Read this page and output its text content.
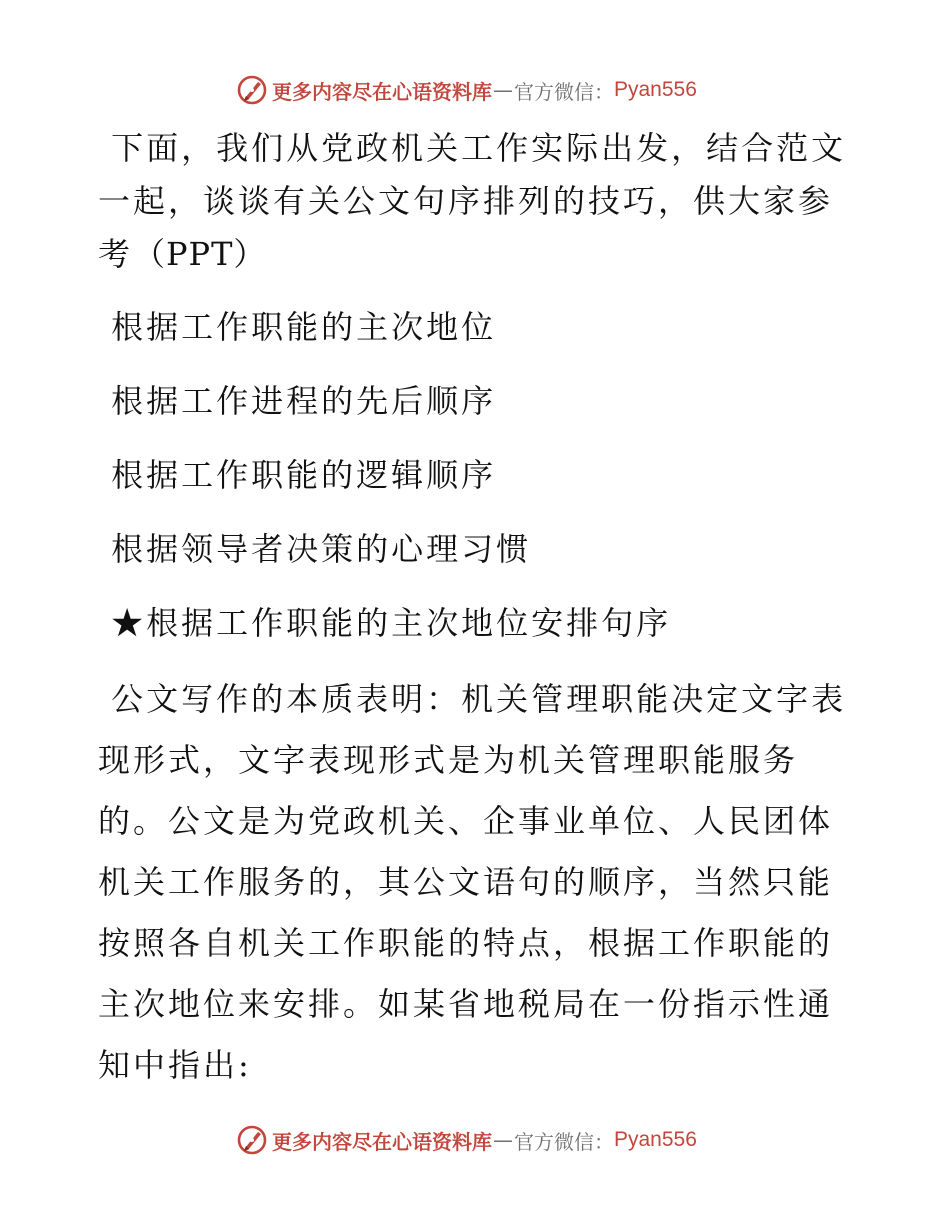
更多内容尽在心语资料库 — 官方微信： Pyan556

下面，我们从党政机关工作实际出发，结合范文一起，谈谈有关公文句序排列的技巧，供大家参考（PPT）

根据工作职能的主次地位

根据工作进程的先后顺序

根据工作职能的逻辑顺序

根据领导者决策的心理习惯

★根据工作职能的主次地位安排句序

公文写作的本质表明：机关管理职能决定文字表现形式，文字表现形式是为机关管理职能服务的。公文是为党政机关、企事业单位、人民团体机关工作服务的，其公文语句的顺序，当然只能按照各自机关工作职能的特点，根据工作职能的主次地位来安排。如某省地税局在一份指示性通知中指出:

更多内容尽在心语资料库 — 官方微信： Pyan556
